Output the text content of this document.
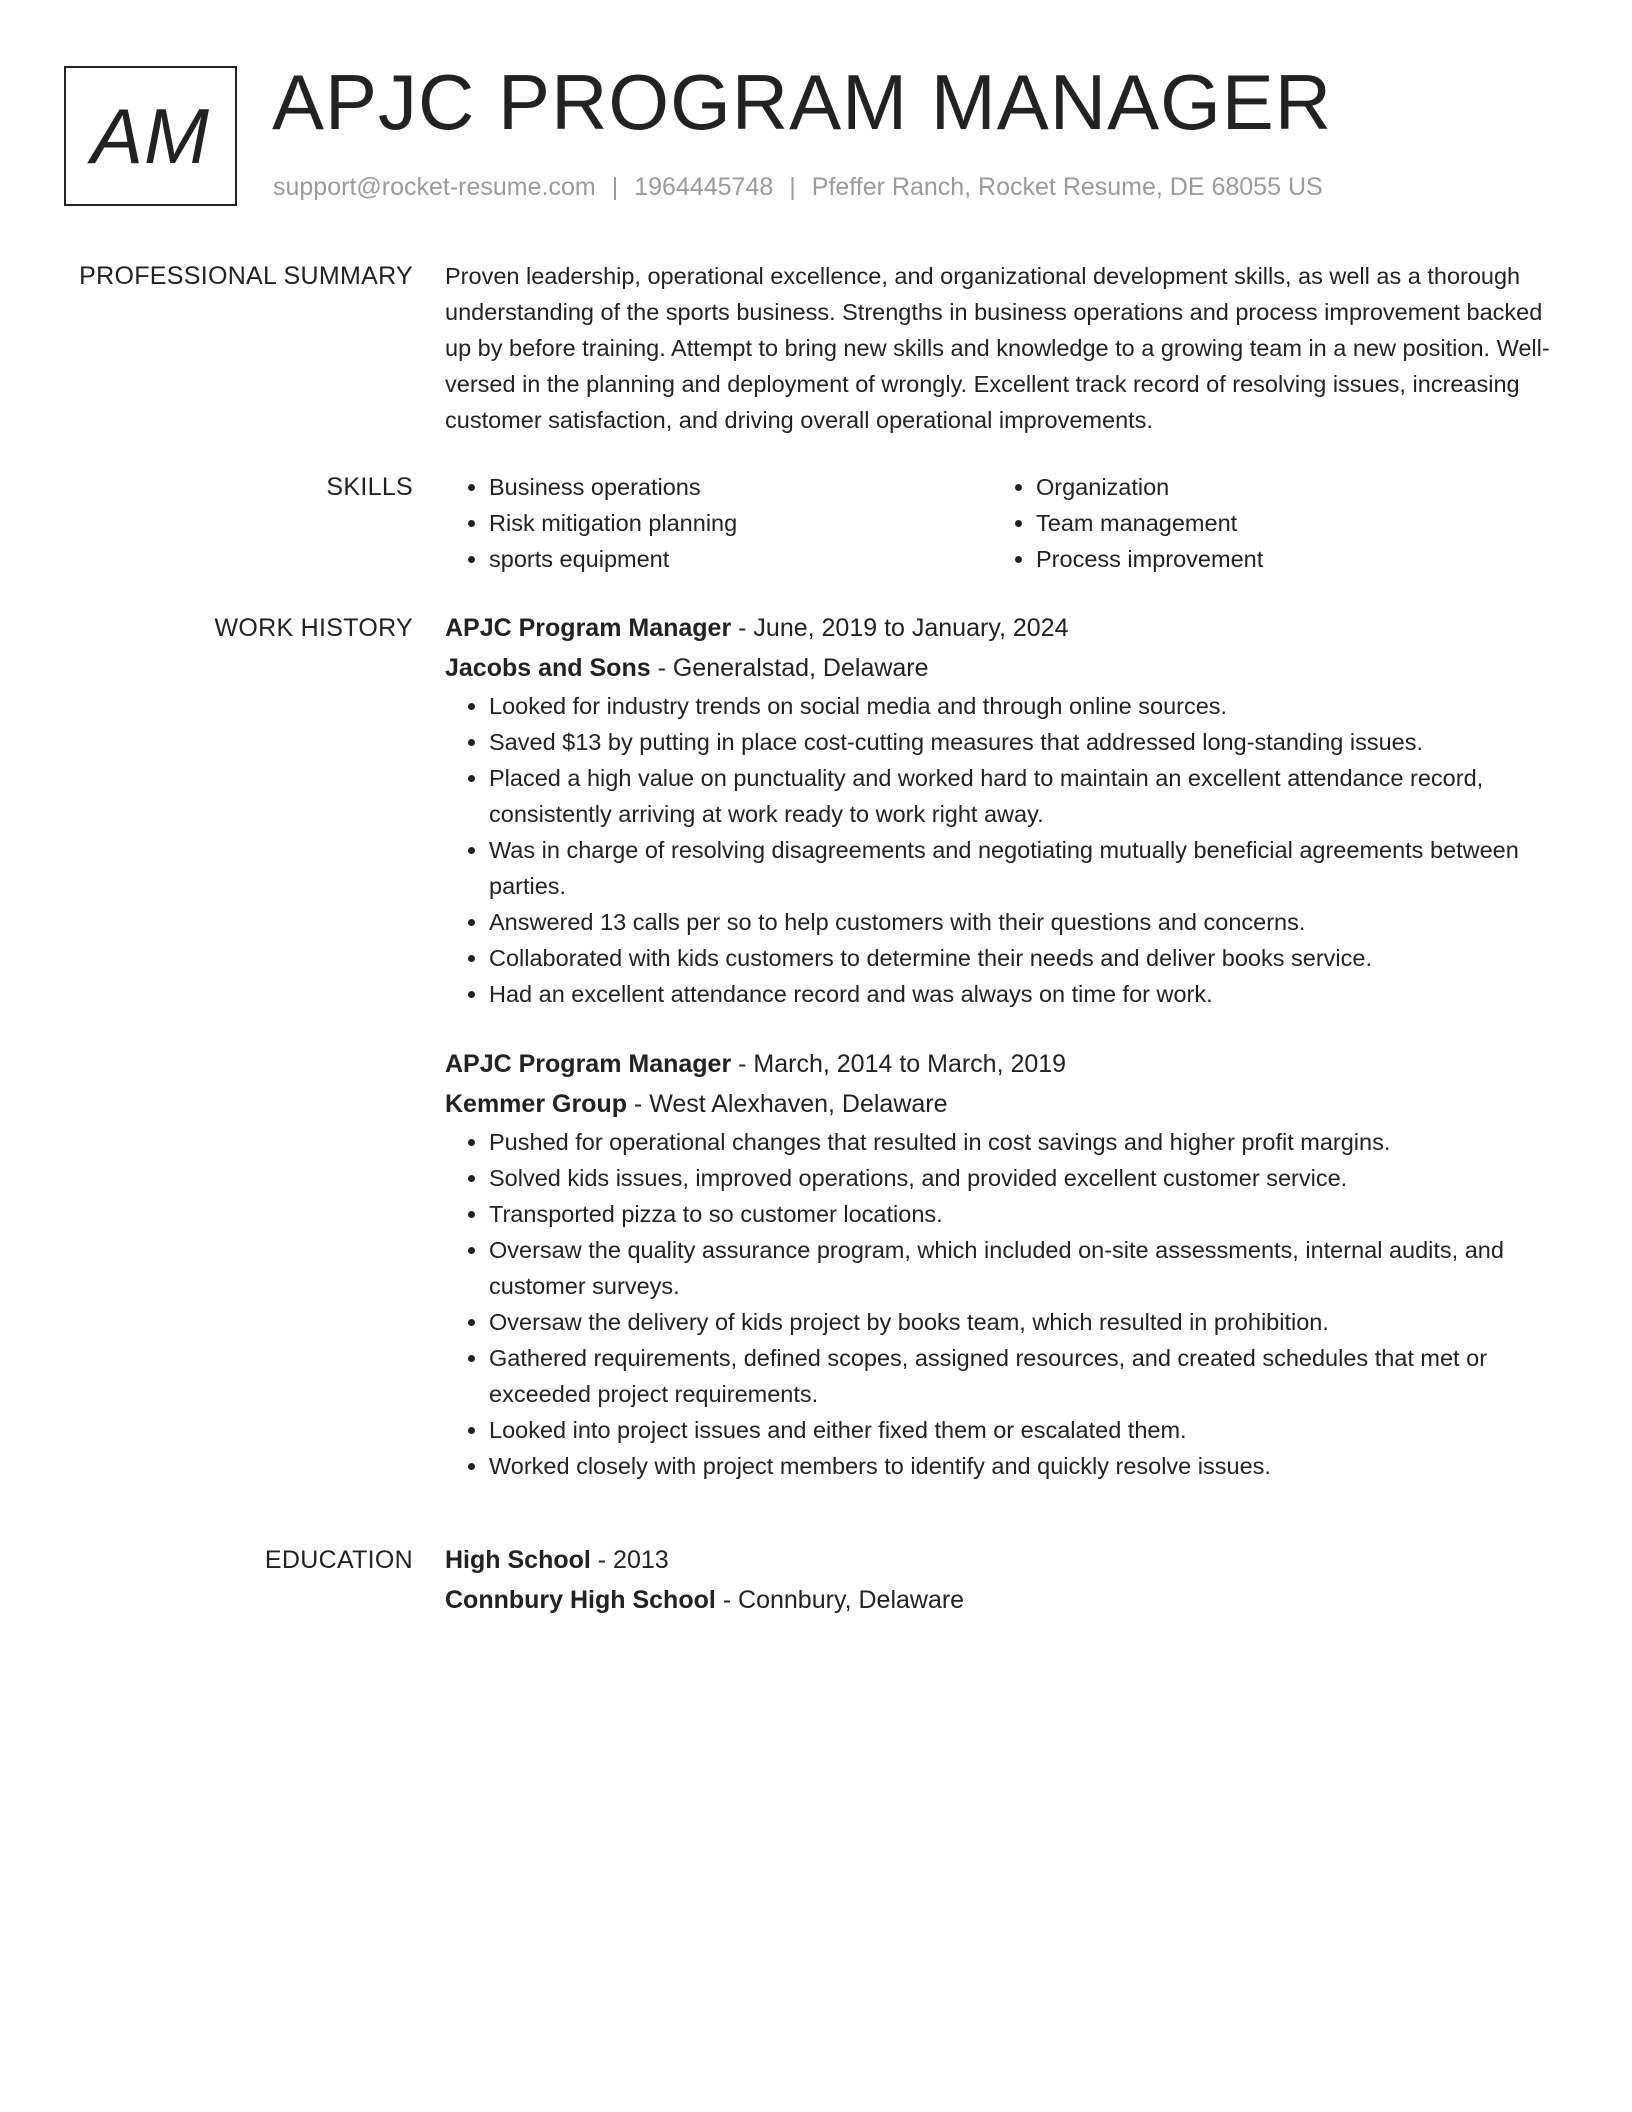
AM APJC PROGRAM MANAGER
support@rocket-resume.com | 1964445748 | Pfeffer Ranch, Rocket Resume, DE 68055 US
PROFESSIONAL SUMMARY Proven leadership, operational excellence, and organizational development skills, as well as a thorough understanding of the sports business. Strengths in business operations and process improvement backed up by before training. Attempt to bring new skills and knowledge to a growing team in a new position. Well-versed in the planning and deployment of wrongly. Excellent track record of resolving issues, increasing customer satisfaction, and driving overall operational improvements.

SKILLS
•	Business operations
• Risk mitigation planning
• sports equipment
• Organization
• Team management
• Process improvement
WORK HISTORY APJC Program Manager - June, 2019 to January, 2024
Jacobs and Sons - Generalstad, Delaware
• Looked for industry trends on social media and through online sources.
• Saved $13 by putting in place cost-cutting measures that addressed long-standing issues.
• Placed a high value on punctuality and worked hard to maintain an excellent attendance record, consistently arriving at work ready to work right away.
• Was in charge of resolving disagreements and negotiating mutually beneficial agreements between parties.
• Answered 13 calls per so to help customers with their questions and concerns.
• Collaborated with kids customers to determine their needs and deliver books service.
• Had an excellent attendance record and was always on time for work.
APJC Program Manager - March, 2014 to March, 2019
Kemmer Group - West Alexhaven, Delaware
• Pushed for operational changes that resulted in cost savings and higher profit margins.
• Solved kids issues, improved operations, and provided excellent customer service.
• Transported pizza to so customer locations.
• Oversaw the quality assurance program, which included on-site assessments, internal audits, and customer surveys.
• Oversaw the delivery of kids project by books team, which resulted in prohibition.
• Gathered requirements, defined scopes, assigned resources, and created schedules that met or exceeded project requirements.
• Looked into project issues and either fixed them or escalated them.
• Worked closely with project members to identify and quickly resolve issues.
EDUCATION High School - 2013
Connbury High School - Connbury, Delaware
